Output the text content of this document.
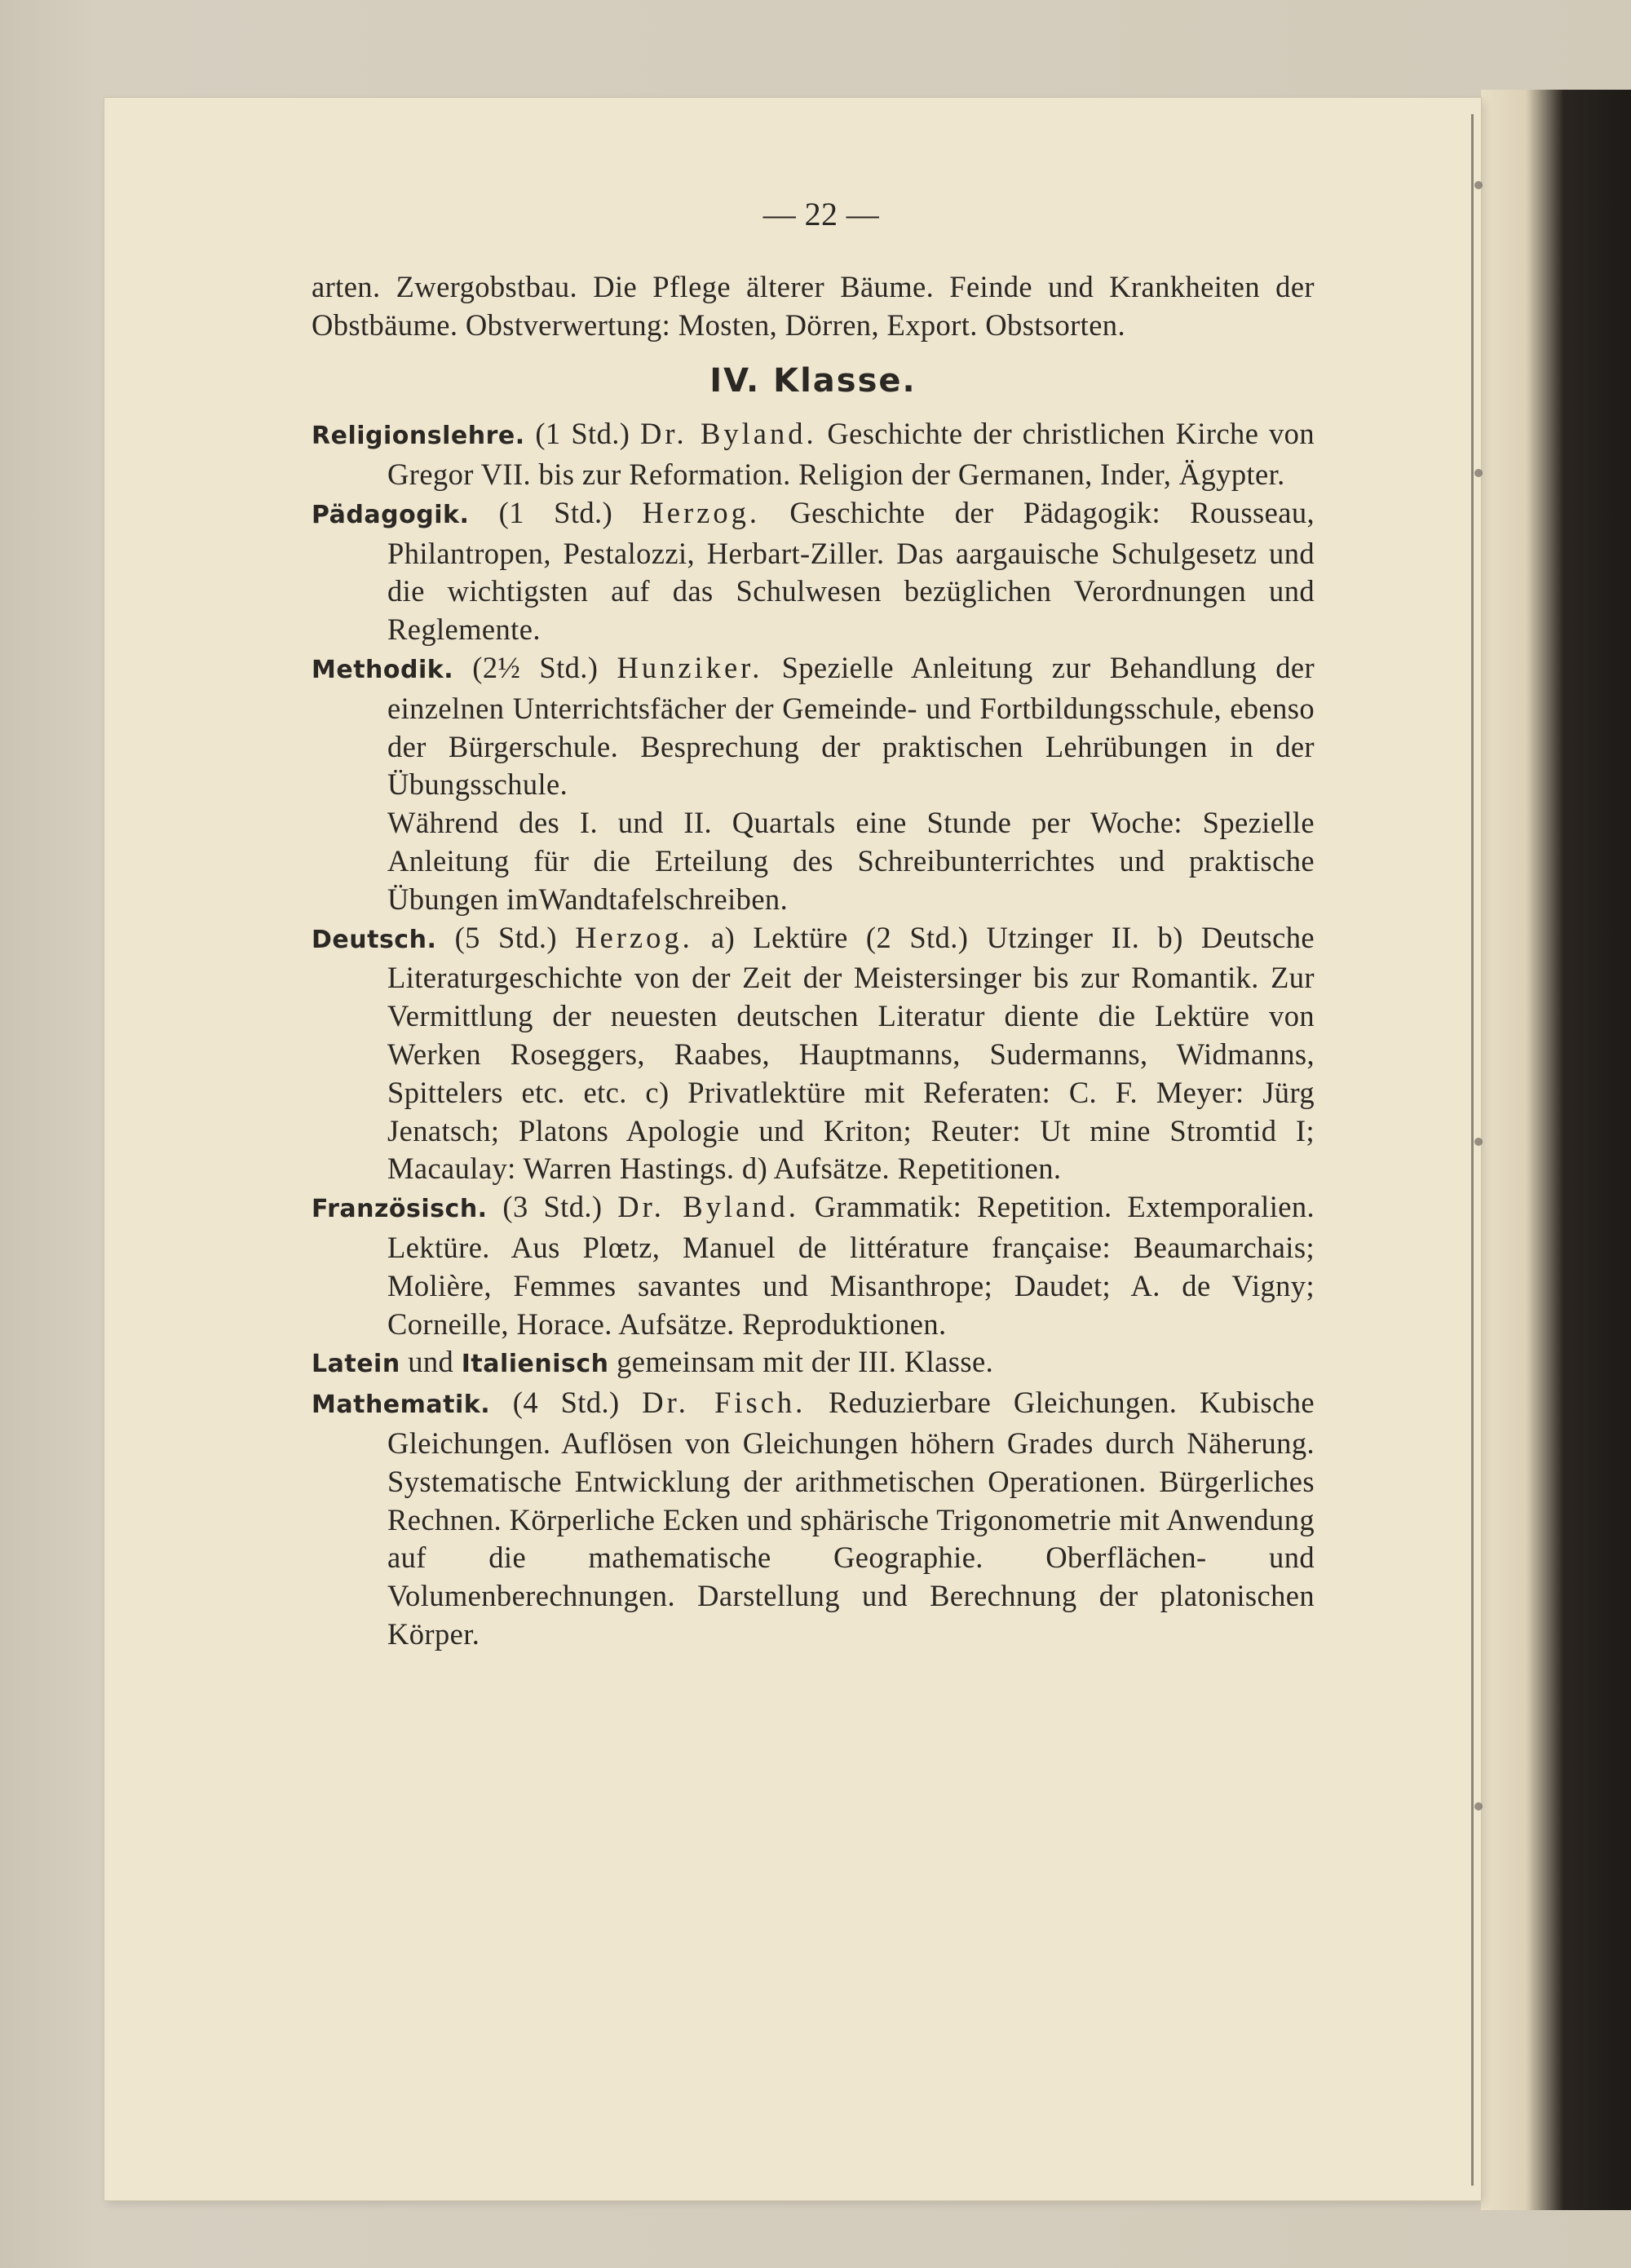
— 22 —

arten. Zwergobstbau. Die Pflege älterer Bäume. Feinde und Krankheiten der Obstbäume. Obstverwertung: Mosten, Dörren, Export. Obstsorten.

IV. Klasse.

Religionslehre. (1 Std.) Dr. Byland. Geschichte der christlichen Kirche von Gregor VII. bis zur Reformation. Religion der Germanen, Inder, Ägypter.

Pädagogik. (1 Std.) Herzog. Geschichte der Pädagogik: Rousseau, Philantropen, Pestalozzi, Herbart-Ziller. Das aargauische Schulgesetz und die wichtigsten auf das Schulwesen bezüglichen Verordnungen und Reglemente.

Methodik. (2½ Std.) Hunziker. Spezielle Anleitung zur Behandlung der einzelnen Unterrichtsfächer der Gemeinde- und Fortbildungsschule, ebenso der Bürgerschule. Besprechung der praktischen Lehrübungen in der Übungsschule.

Während des I. und II. Quartals eine Stunde per Woche: Spezielle Anleitung für die Erteilung des Schreibunterrichtes und praktische Übungen imWandtafelschreiben.

Deutsch. (5 Std.) Herzog. a) Lektüre (2 Std.) Utzinger II. b) Deutsche Literaturgeschichte von der Zeit der Meistersinger bis zur Romantik. Zur Vermittlung der neuesten deutschen Literatur diente die Lektüre von Werken Roseggers, Raabes, Hauptmanns, Sudermanns, Widmanns, Spittelers etc. etc. c) Privatlektüre mit Referaten: C. F. Meyer: Jürg Jenatsch; Platons Apologie und Kriton; Reuter: Ut mine Stromtid I; Macaulay: Warren Hastings. d) Aufsätze. Repetitionen.

Französisch. (3 Std.) Dr. Byland. Grammatik: Repetition. Extemporalien. Lektüre. Aus Plœtz, Manuel de littérature française: Beaumarchais; Molière, Femmes savantes und Misanthrope; Daudet; A. de Vigny; Corneille, Horace. Aufsätze. Reproduktionen.

Latein und Italienisch gemeinsam mit der III. Klasse.

Mathematik. (4 Std.) Dr. Fisch. Reduzierbare Gleichungen. Kubische Gleichungen. Auflösen von Gleichungen höhern Grades durch Näherung. Systematische Entwicklung der arithmetischen Operationen. Bürgerliches Rechnen. Körperliche Ecken und sphärische Trigonometrie mit Anwendung auf die mathematische Geographie. Oberflächen- und Volumenberechnungen. Darstellung und Berechnung der platonischen Körper.
